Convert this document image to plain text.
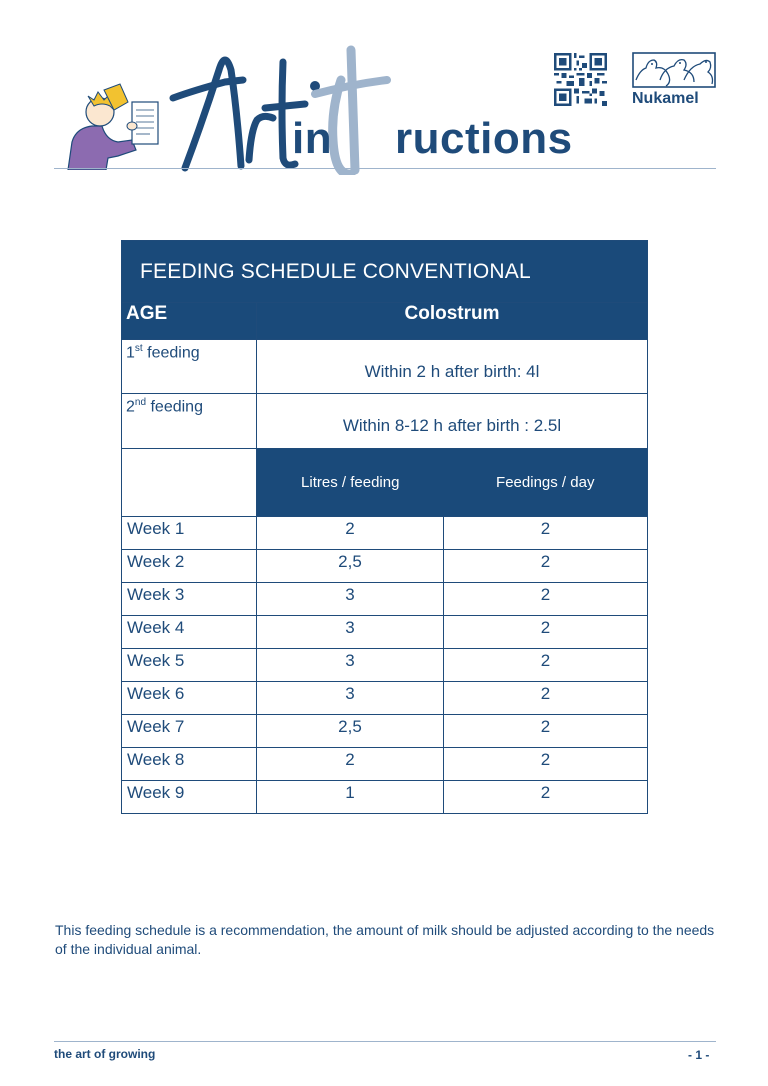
in ructions
Nukamel
FEEDING SCHEDULE CONVENTIONAL		
AGE	Colostrum	
1st feeding	Within 2 h after birth: 4l	
2nd feeding	Within 8-12 h after birth : 2.5l	
	Litres / feeding	Feedings / day
Week 1	2	2
Week 2	2,5	2
Week 3	3	2
Week 4	3	2
Week 5	3	2
Week 6	3	2
Week 7	2,5	2
Week 8	2	2
Week 9	1	2
This feeding schedule is a recommendation, the amount of milk should be adjusted according to the needs of the individual animal.
the art of growing	- 1 -
